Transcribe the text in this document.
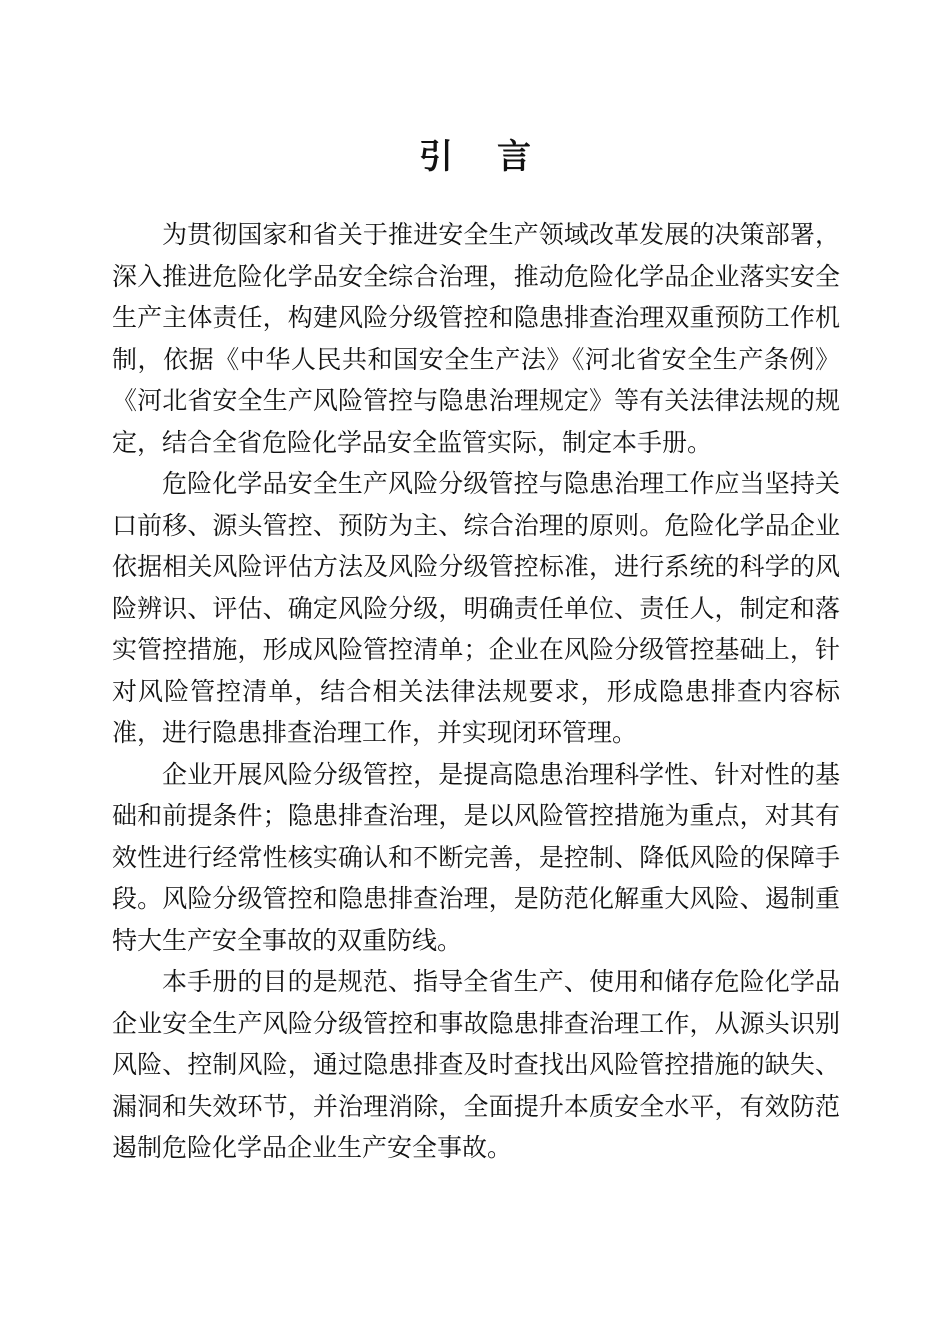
引言

为贯彻国家和省关于推进安全生产领域改革发展的决策部署，深入推进危险化学品安全综合治理，推动危险化学品企业落实安全生产主体责任，构建风险分级管控和隐患排查治理双重预防工作机制，依据《中华人民共和国安全生产法》《河北省安全生产条例》《河北省安全生产风险管控与隐患治理规定》等有关法律法规的规定，结合全省危险化学品安全监管实际，制定本手册。

危险化学品安全生产风险分级管控与隐患治理工作应当坚持关口前移、源头管控、预防为主、综合治理的原则。危险化学品企业依据相关风险评估方法及风险分级管控标准，进行系统的科学的风险辨识、评估、确定风险分级，明确责任单位、责任人，制定和落实管控措施，形成风险管控清单；企业在风险分级管控基础上，针对风险管控清单，结合相关法律法规要求，形成隐患排查内容标准，进行隐患排查治理工作，并实现闭环管理。

企业开展风险分级管控，是提高隐患治理科学性、针对性的基础和前提条件；隐患排查治理，是以风险管控措施为重点，对其有效性进行经常性核实确认和不断完善，是控制、降低风险的保障手段。风险分级管控和隐患排查治理，是防范化解重大风险、遏制重特大生产安全事故的双重防线。

本手册的目的是规范、指导全省生产、使用和储存危险化学品企业安全生产风险分级管控和事故隐患排查治理工作，从源头识别风险、控制风险，通过隐患排查及时查找出风险管控措施的缺失、漏洞和失效环节，并治理消除，全面提升本质安全水平，有效防范遏制危险化学品企业生产安全事故。
